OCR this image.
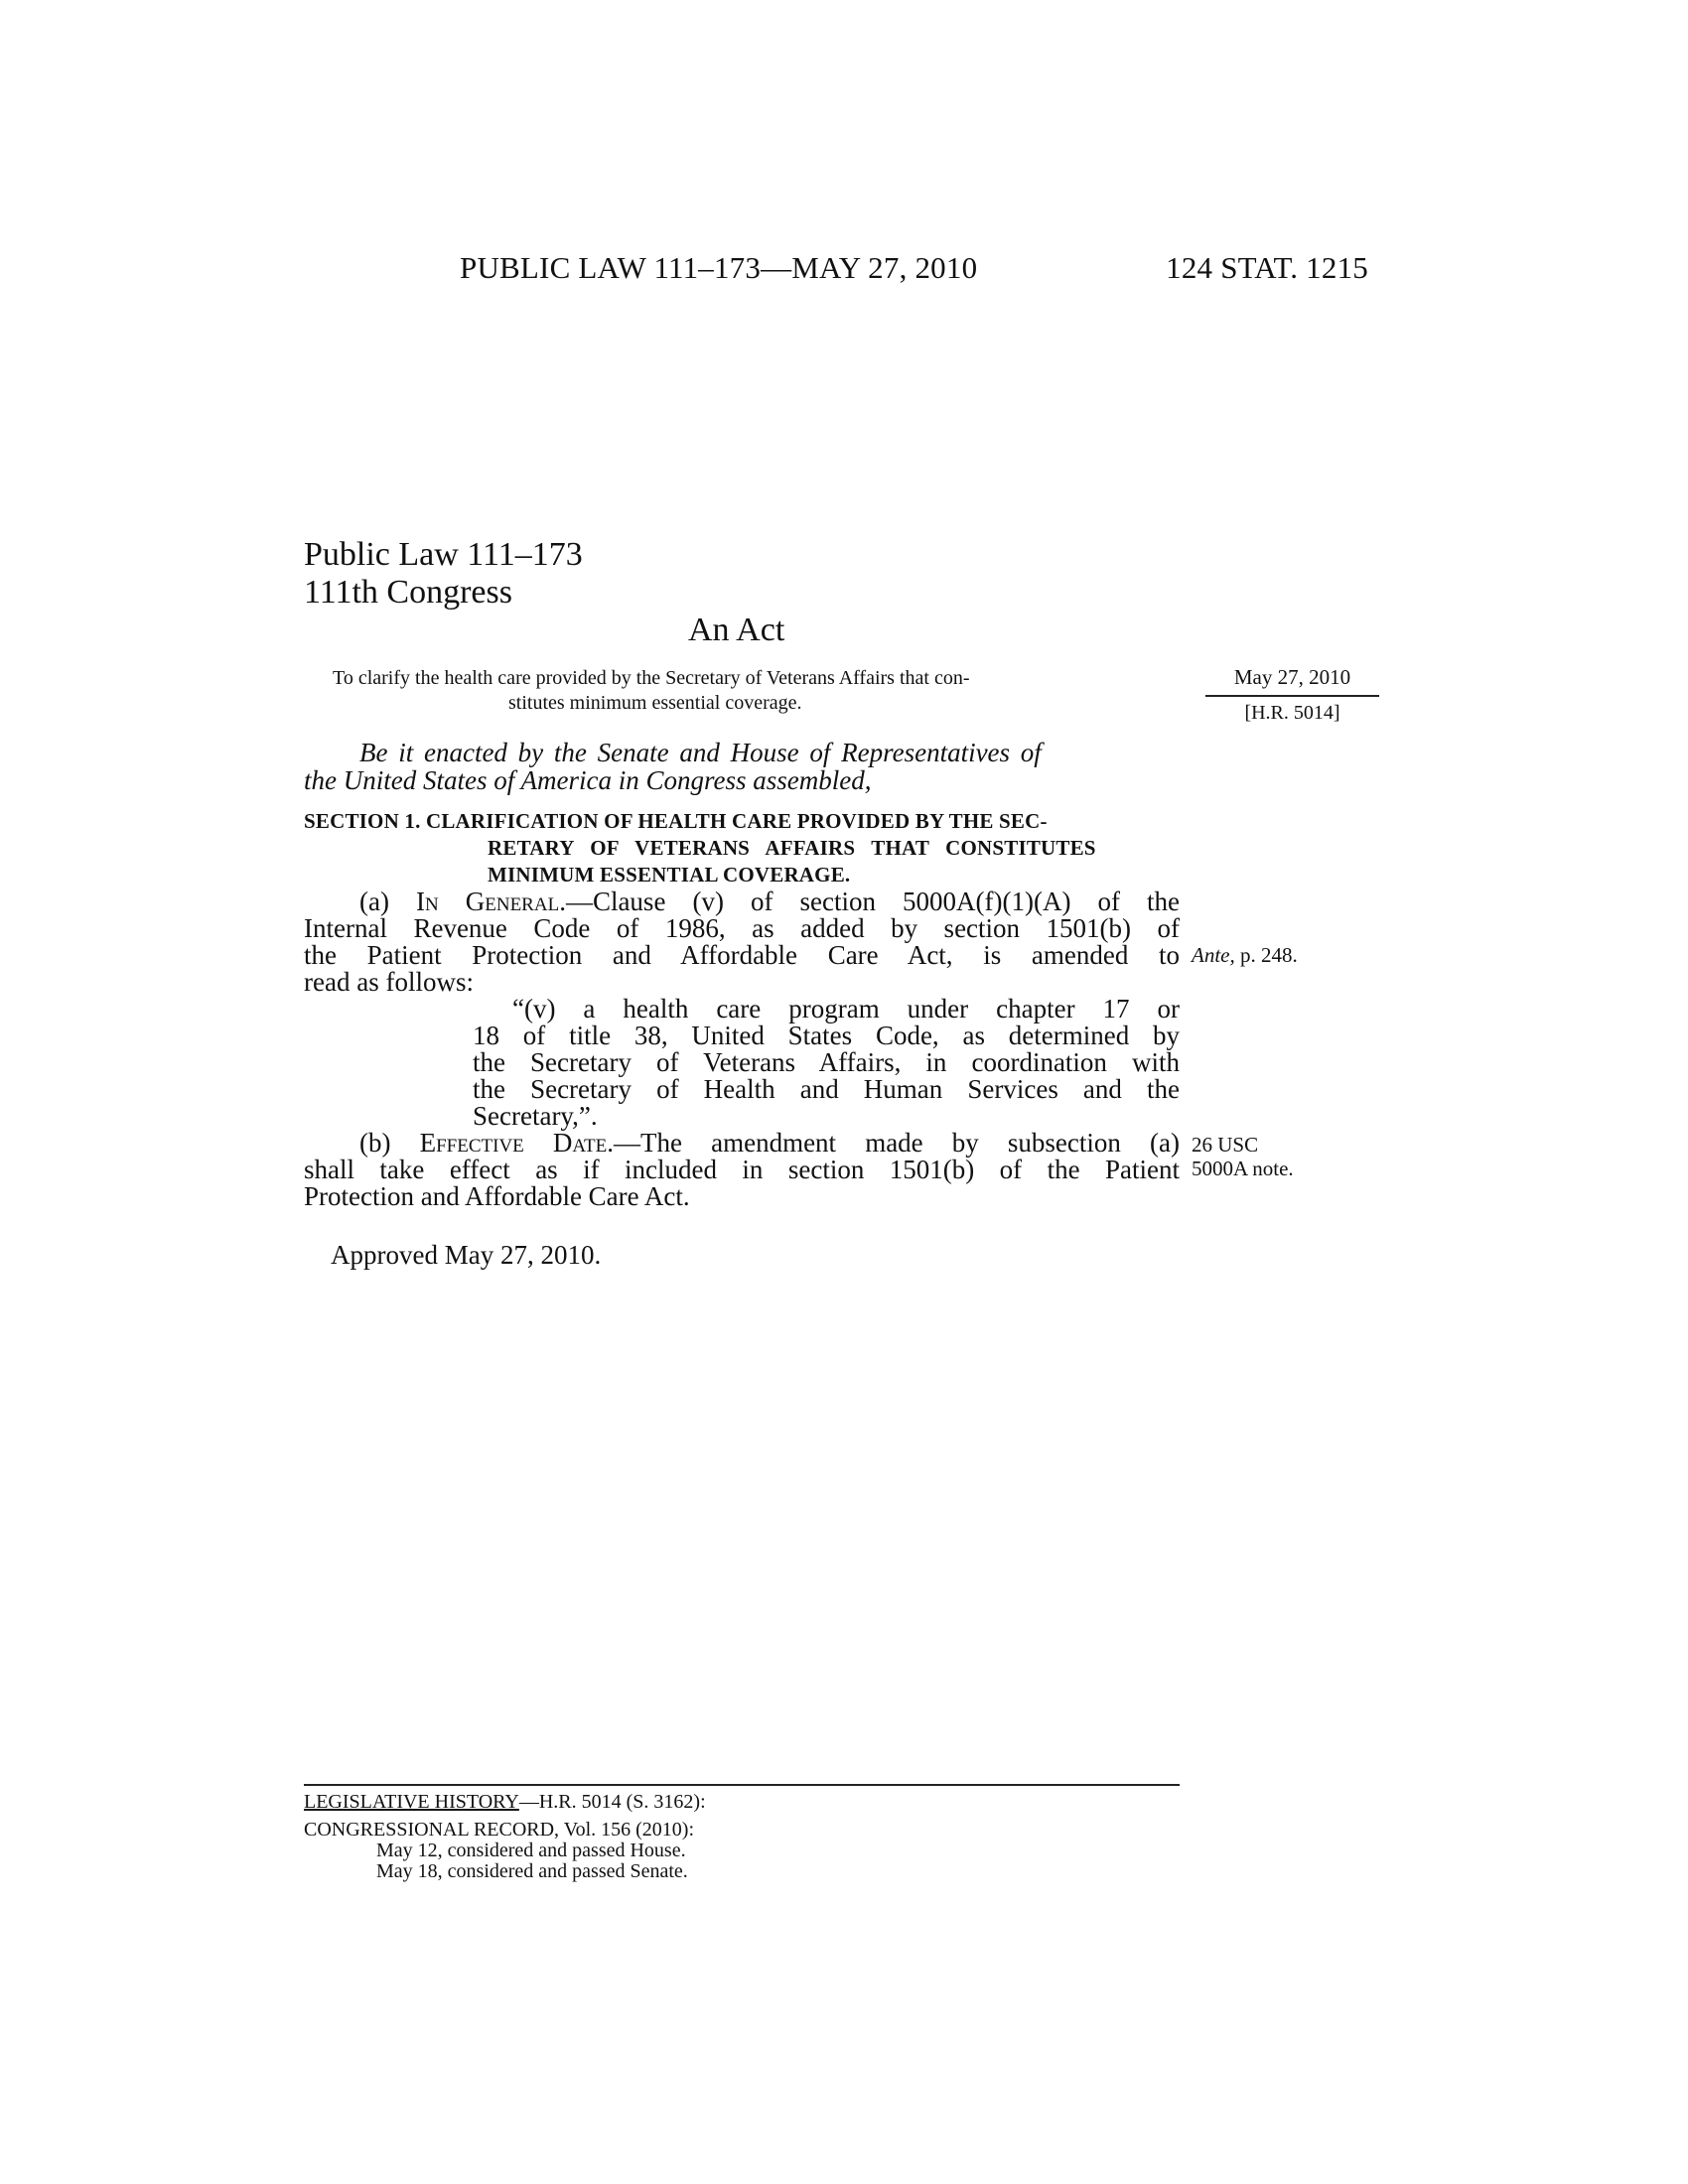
PUBLIC LAW 111–173—MAY 27, 2010	124 STAT. 1215
Public Law 111–173
111th Congress
An Act
To clarify the health care provided by the Secretary of Veterans Affairs that con-
stitutes minimum essential coverage.
May 27, 2010
[H.R. 5014]
Be it enacted by the Senate and House of Representatives of
the United States of America in Congress assembled,
SECTION 1. CLARIFICATION OF HEALTH CARE PROVIDED BY THE SEC-
RETARY OF VETERANS AFFAIRS THAT CONSTITUTES
MINIMUM ESSENTIAL COVERAGE.
(a) In General.—Clause (v) of section 5000A(f)(1)(A) of the
Internal Revenue Code of 1986, as added by section 1501(b) of
the Patient Protection and Affordable Care Act, is amended to
read as follows:
Ante, p. 248.
“(v) a health care program under chapter 17 or
18 of title 38, United States Code, as determined by
the Secretary of Veterans Affairs, in coordination with
the Secretary of Health and Human Services and the
Secretary,”.
(b) Effective Date.—The amendment made by subsection (a)
shall take effect as if included in section 1501(b) of the Patient
Protection and Affordable Care Act.
26 USC
5000A note.
Approved May 27, 2010.
LEGISLATIVE HISTORY—H.R. 5014 (S. 3162):
CONGRESSIONAL RECORD, Vol. 156 (2010):
May 12, considered and passed House.
May 18, considered and passed Senate.
